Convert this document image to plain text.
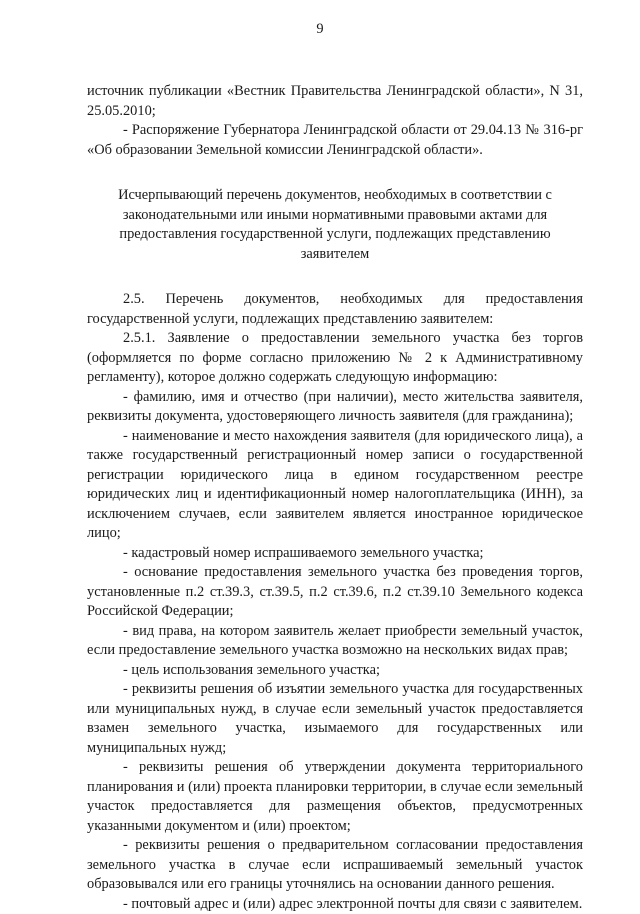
9

источник публикации «Вестник Правительства Ленинградской области», N 31, 25.05.2010;

- Распоряжение Губернатора Ленинградской области от 29.04.13 № 316-рг «Об образовании Земельной комиссии Ленинградской области».

Исчерпывающий перечень документов, необходимых в соответствии с законодательными или иными нормативными правовыми актами для предоставления государственной услуги, подлежащих представлению заявителем

2.5. Перечень документов, необходимых для предоставления государственной услуги, подлежащих представлению заявителем:

2.5.1. Заявление о предоставлении земельного участка без торгов (оформляется по форме согласно приложению № 2 к Административному регламенту), которое должно содержать следующую информацию:

- фамилию, имя и отчество (при наличии), место жительства заявителя, реквизиты документа, удостоверяющего личность заявителя (для гражданина);

- наименование и место нахождения заявителя (для юридического лица), а также государственный регистрационный номер записи о государственной регистрации юридического лица в едином государственном реестре юридических лиц и идентификационный номер налогоплательщика (ИНН), за исключением случаев, если заявителем является иностранное юридическое лицо;

- кадастровый номер испрашиваемого земельного участка;

- основание предоставления земельного участка без проведения торгов, установленные п.2 ст.39.3, ст.39.5, п.2 ст.39.6, п.2 ст.39.10 Земельного кодекса Российской Федерации;

- вид права, на котором заявитель желает приобрести земельный участок, если предоставление земельного участка возможно на нескольких видах прав;

- цель использования земельного участка;

- реквизиты решения об изъятии земельного участка для государственных или муниципальных нужд, в случае если земельный участок предоставляется взамен земельного участка, изымаемого для государственных или муниципальных нужд;

- реквизиты решения об утверждении документа территориального планирования и (или) проекта планировки территории, в случае если земельный участок предоставляется для размещения объектов, предусмотренных указанными документом и (или) проектом;

- реквизиты решения о предварительном согласовании предоставления земельного участка в случае если испрашиваемый земельный участок образовывался или его границы уточнялись на основании данного решения.

- почтовый адрес и (или) адрес электронной почты для связи с заявителем.
